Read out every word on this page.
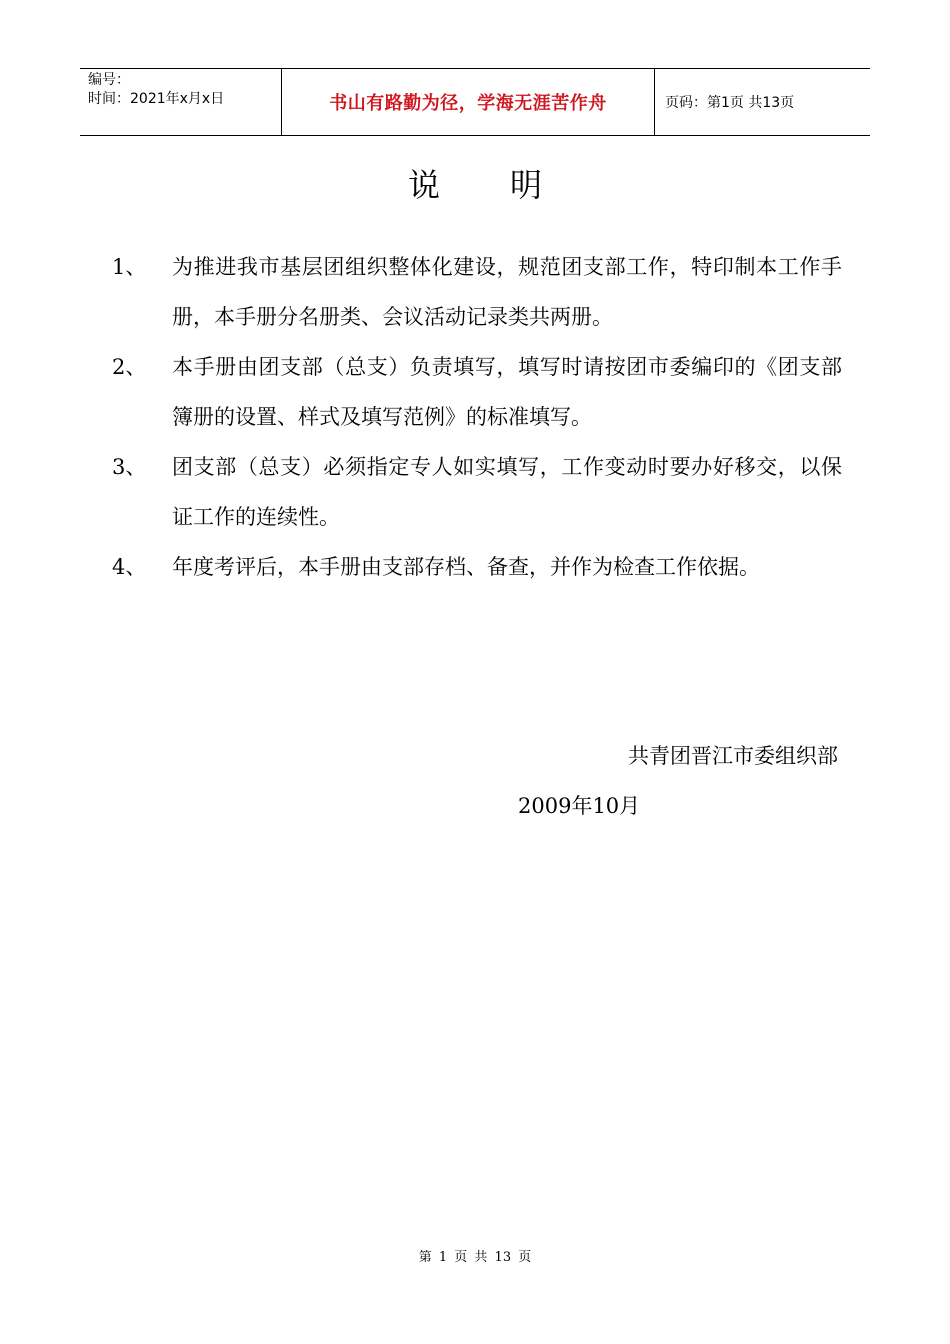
编号：
时间：2021年x月x日	书山有路勤为径，学海无涯苦作舟	页码：第1页 共13页
说明
1、	为推进我市基层团组织整体化建设，规范团支部工作，特印制本工作手册，本手册分名册类、会议活动记录类共两册。
2、	本手册由团支部（总支）负责填写，填写时请按团市委编印的《团支部簿册的设置、样式及填写范例》的标准填写。
3、	团支部（总支）必须指定专人如实填写，工作变动时要办好移交，以保证工作的连续性。
4、	年度考评后，本手册由支部存档、备查，并作为检查工作依据。
共青团晋江市委组织部
2009年10月
第 1 页 共 13 页
